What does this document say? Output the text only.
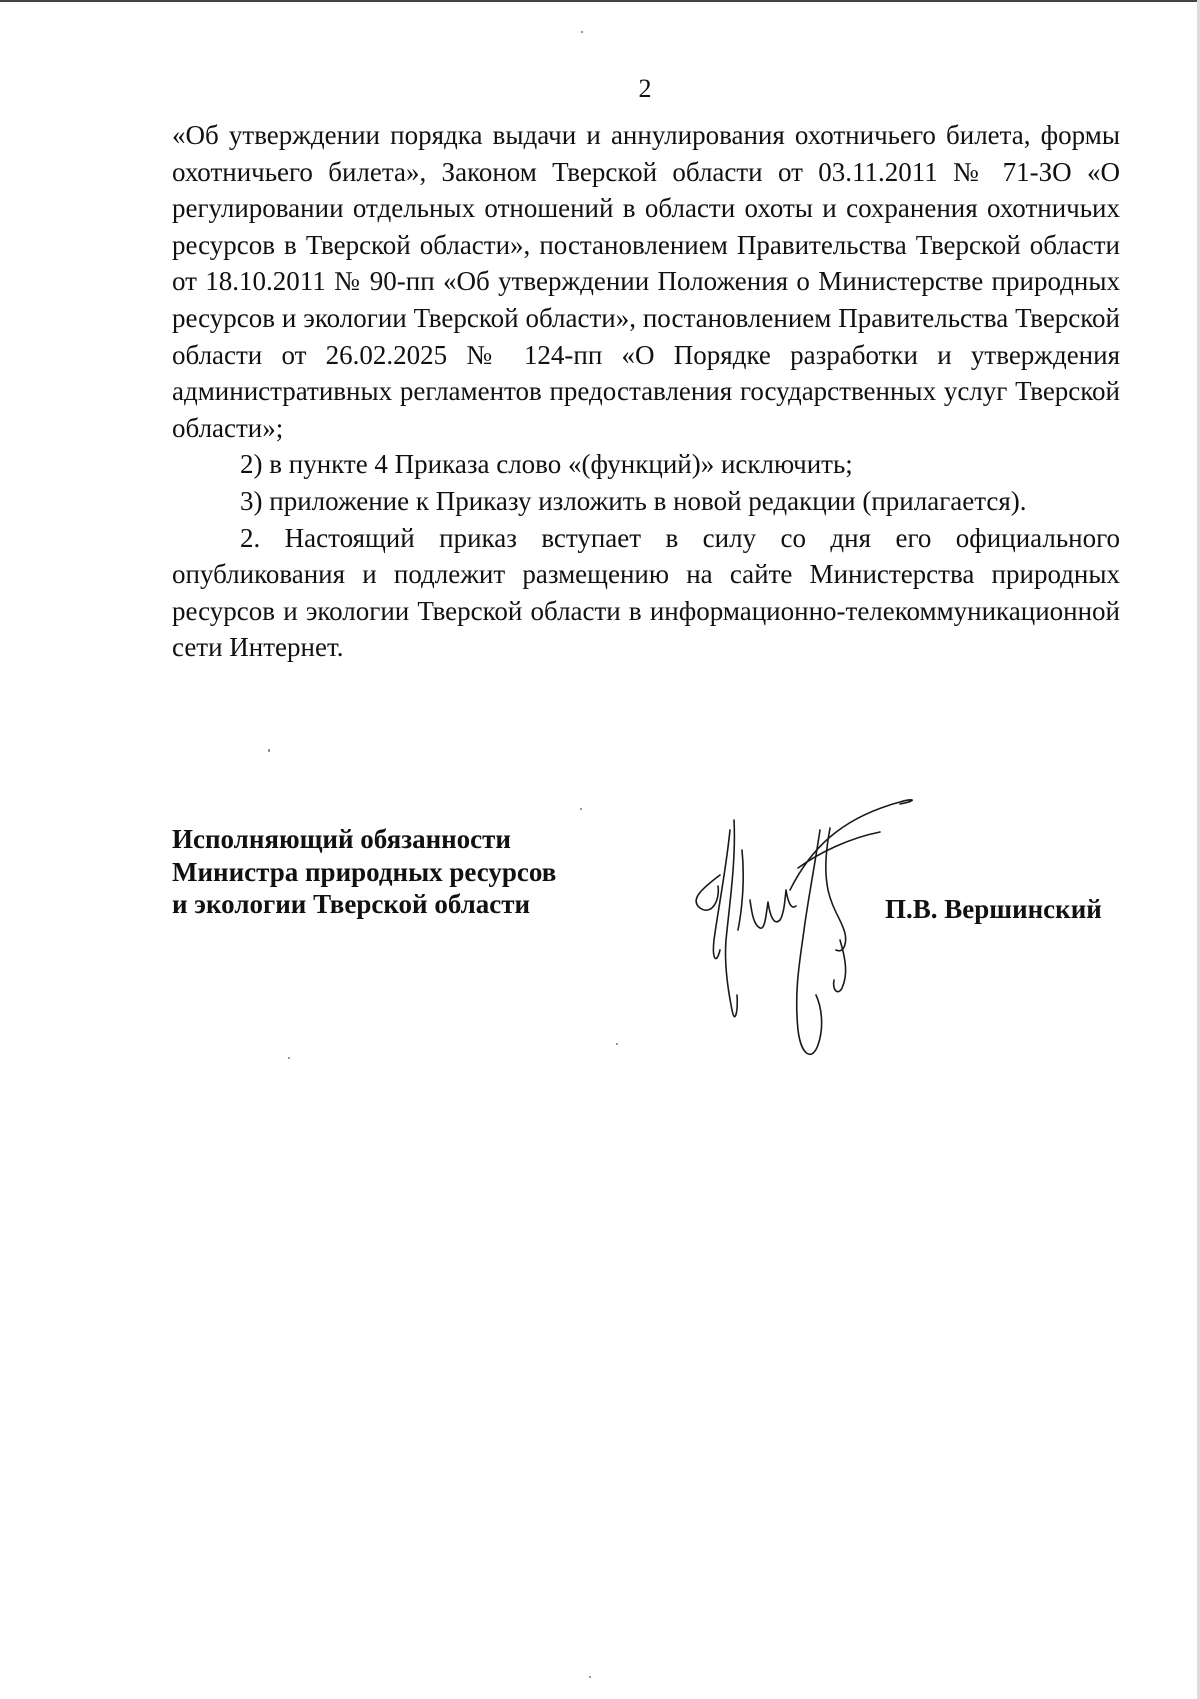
2

«Об утверждении порядка выдачи и аннулирования охотничьего билета, формы охотничьего билета», Законом Тверской области от 03.11.2011 № 71-ЗО «О регулировании отдельных отношений в области охоты и сохранения охотничьих ресурсов в Тверской области», постановлением Правительства Тверской области от 18.10.2011 № 90-пп «Об утверждении Положения о Министерстве природных ресурсов и экологии Тверской области», постановлением Правительства Тверской области от 26.02.2025 № 124-пп «О Порядке разработки и утверждения административных регламентов предоставления государственных услуг Тверской области»;

2) в пункте 4 Приказа слово «(функций)» исключить;

3) приложение к Приказу изложить в новой редакции (прилагается).

2. Настоящий приказ вступает в силу со дня его официального опубликования и подлежит размещению на сайте Министерства природных ресурсов и экологии Тверской области в информационно-телекоммуникационной сети Интернет.

Исполняющий обязанности
Министра природных ресурсов
и экологии Тверской области	П.В. Вершинский
